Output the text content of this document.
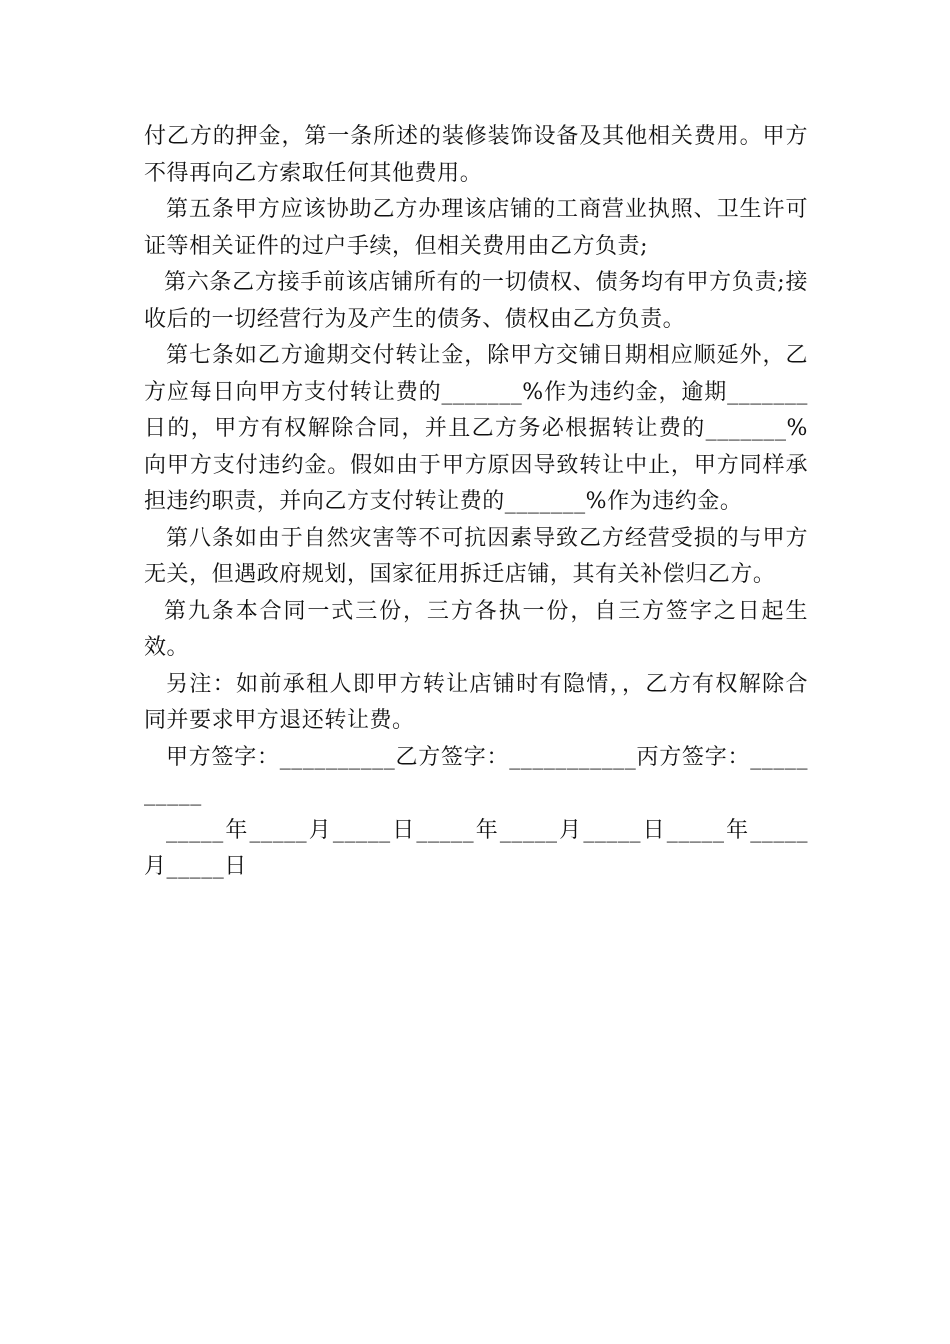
付乙方的押金，第一条所述的装修装饰设备及其他相关费用。甲方不得再向乙方索取任何其他费用。

第五条甲方应该协助乙方办理该店铺的工商营业执照、卫生许可证等相关证件的过户手续，但相关费用由乙方负责;

第六条乙方接手前该店铺所有的一切债权、债务均有甲方负责;接收后的一切经营行为及产生的债务、债权由乙方负责。

第七条如乙方逾期交付转让金，除甲方交铺日期相应顺延外，乙方应每日向甲方支付转让费的_______%作为违约金，逾期_______日的，甲方有权解除合同，并且乙方务必根据转让费的_______%向甲方支付违约金。假如由于甲方原因导致转让中止，甲方同样承担违约职责，并向乙方支付转让费的_______%作为违约金。

第八条如由于自然灾害等不可抗因素导致乙方经营受损的与甲方无关，但遇政府规划，国家征用拆迁店铺，其有关补偿归乙方。

第九条本合同一式三份，三方各执一份，自三方签字之日起生效。

另注：如前承租人即甲方转让店铺时有隐情，，乙方有权解除合同并要求甲方退还转让费。

甲方签字：__________乙方签字：___________丙方签字：__________

_____年_____月_____日_____年_____月_____日_____年_____月_____日
